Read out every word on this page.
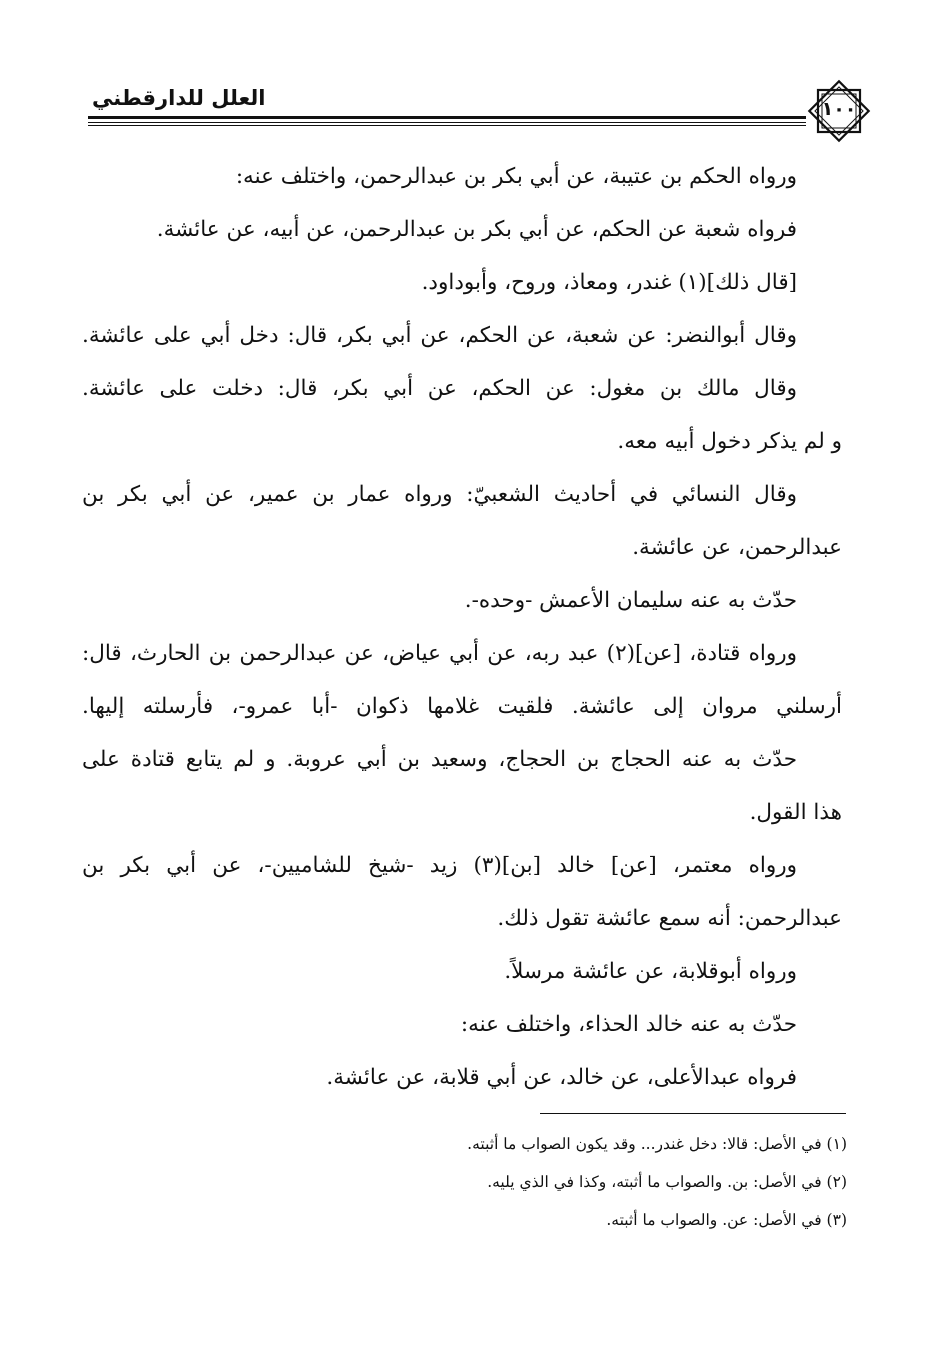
العلل للدارقطني	١٠٠
ورواه الحكم بن عتيبة، عن أبي بكر بن عبدالرحمن، واختلف عنه:
فرواه شعبة عن الحكم، عن أبي بكر بن عبدالرحمن، عن أبيه، عن عائشة.
[قال ذلك](١) غندر، ومعاذ، وروح، وأبوداود.
وقال أبوالنضر: عن شعبة، عن الحكم، عن أبي بكر، قال: دخل أبي على عائشة.
وقال مالك بن مغول: عن الحكم، عن أبي بكر، قال: دخلت على عائشة.
و لم يذكر دخول أبيه معه.
وقال النسائي في أحاديث الشعبيّ: ورواه عمار بن عمير، عن أبي بكر بن
عبدالرحمن، عن عائشة.
حدّث به عنه سليمان الأعمش -وحده-.
ورواه قتادة، [عن](٢) عبد ربه، عن أبي عياض، عن عبدالرحمن بن الحارث، قال:
أرسلني مروان إلى عائشة. فلقيت غلامها ذكوان -أبا عمرو-، فأرسلته إليها.
حدّث به عنه الحجاج بن الحجاج، وسعيد بن أبي عروبة. و لم يتابع قتادة على
هذا القول.
ورواه معتمر، [عن] خالد [بن](٣) زيد -شيخ للشاميين-، عن أبي بكر بن
عبدالرحمن: أنه سمع عائشة تقول ذلك.
ورواه أبوقلابة، عن عائشة مرسلاً.
حدّث به عنه خالد الحذاء، واختلف عنه:
فرواه عبدالأعلى، عن خالد، عن أبي قلابة، عن عائشة.
(١) في الأصل: قالا: دخل غندر... وقد يكون الصواب ما أثبته.
(٢) في الأصل: بن. والصواب ما أثبته، وكذا في الذي يليه.
(٣) في الأصل: عن. والصواب ما أثبته.
